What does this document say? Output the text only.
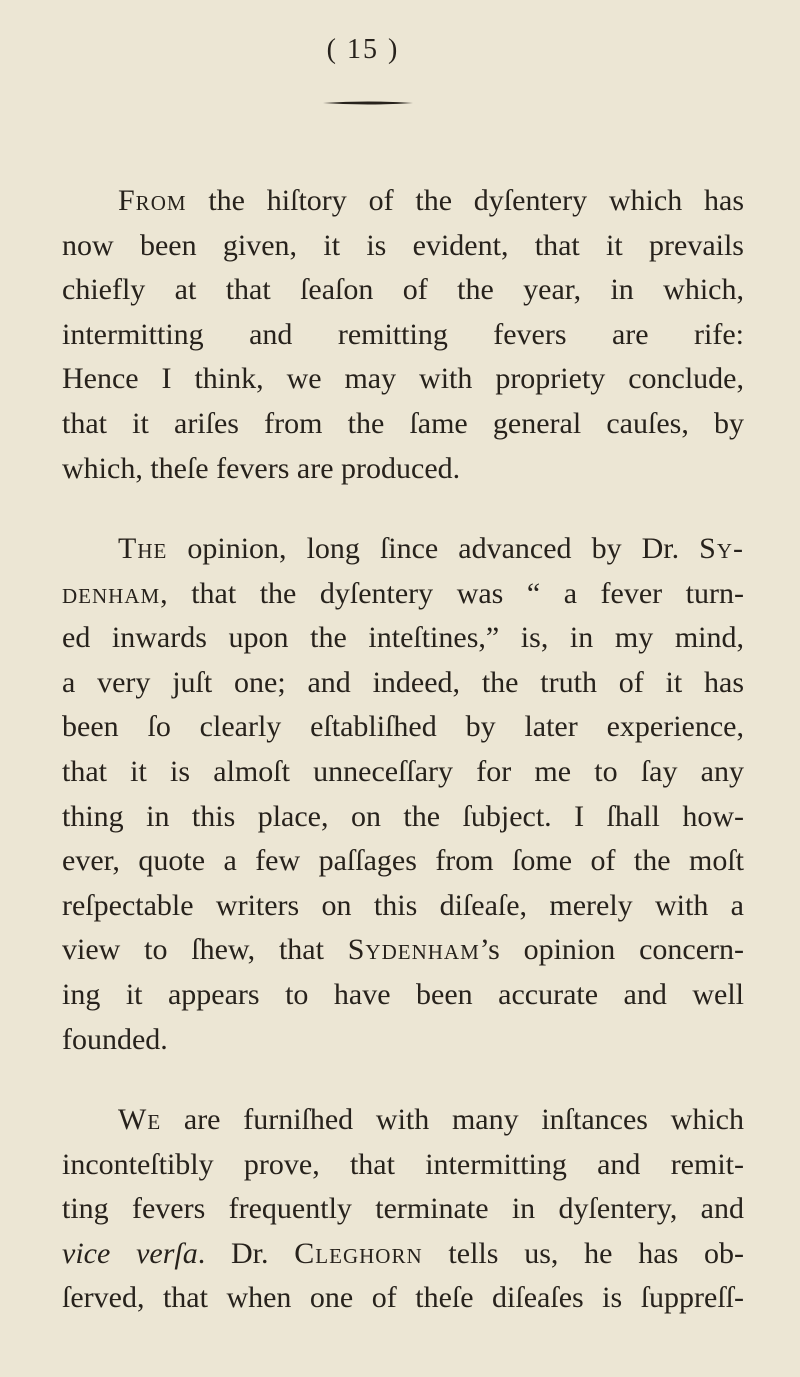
( 15 )
From the hiſtory of the dyſentery which has
now been given, it is evident, that it prevails
chiefly at that ſeaſon of the year, in which,
intermitting and remitting fevers are rife:
Hence I think, we may with propriety conclude,
that it ariſes from the ſame general cauſes, by
which, theſe fevers are produced.
The opinion, long ſince advanced by Dr. Sy-
denham, that the dyſentery was “ a fever turn-
ed inwards upon the inteſtines,” is, in my mind,
a very juſt one; and indeed, the truth of it has
been ſo clearly eſtabliſhed by later experience,
that it is almoſt unneceſſary for me to ſay any
thing in this place, on the ſubject. I ſhall how-
ever, quote a few paſſages from ſome of the moſt
reſpectable writers on this diſeaſe, merely with a
view to ſhew, that Sydenham’s opinion concern-
ing it appears to have been accurate and well
founded.
We are furniſhed with many inſtances which
inconteſtibly prove, that intermitting and remit-
ting fevers frequently terminate in dyſentery, and
vice verſa. Dr. Cleghorn tells us, he has ob-
ſerved, that when one of theſe diſeaſes is ſuppreſſ-
